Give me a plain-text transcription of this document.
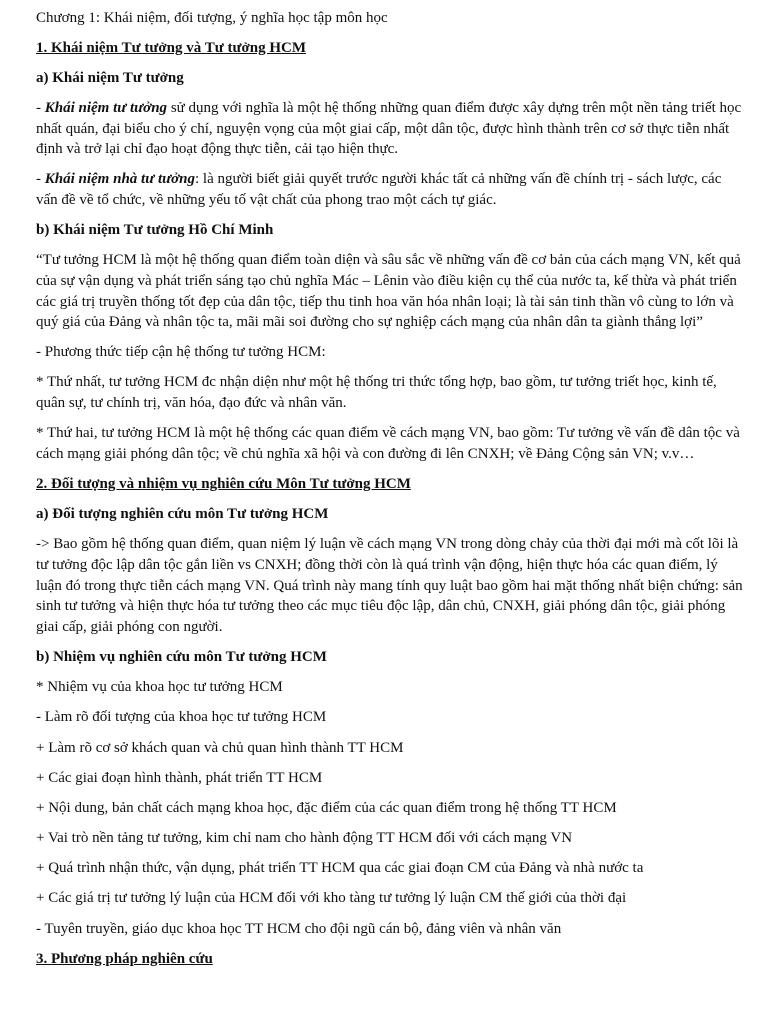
Chương 1: Khái niệm, đối tượng, ý nghĩa học tập môn học

1. Khái niệm Tư tưởng và Tư tưởng HCM

a) Khái niệm Tư tưởng

- Khái niệm tư tưởng sử dụng với nghĩa là một hệ thống những quan điểm được xây dựng trên một nền tảng triết học nhất quán, đại biểu cho ý chí, nguyện vọng của một giai cấp, một dân tộc, được hình thành trên cơ sở thực tiễn nhất định và trở lại chỉ đạo hoạt động thực tiễn, cải tạo hiện thực.

- Khái niệm nhà tư tưởng: là người biết giải quyết trước người khác tất cả những vấn đề chính trị - sách lược, các vấn đề về tổ chức, về những yếu tố vật chất của phong trao một cách tự giác.

b) Khái niệm Tư tưởng Hồ Chí Minh

“Tư tưởng HCM là một hệ thống quan điểm toàn diện và sâu sắc về những vấn đề cơ bản của cách mạng VN, kết quả của sự vận dụng và phát triển sáng tạo chủ nghĩa Mác – Lênin vào điều kiện cụ thể của nước ta, kế thừa và phát triển các giá trị truyền thống tốt đẹp của dân tộc, tiếp thu tinh hoa văn hóa nhân loại; là tài sản tinh thần vô cùng to lớn và quý giá của Đảng và nhân tộc ta, mãi mãi soi đường cho sự nghiệp cách mạng của nhân dân ta giành thắng lợi”

- Phương thức tiếp cận hệ thống tư tưởng HCM:

* Thứ nhất, tư tưởng HCM đc nhận diện như một hệ thống tri thức tổng hợp, bao gồm, tư tưởng triết học, kinh tế, quân sự, tư chính trị, văn hóa, đạo đức và nhân văn.

* Thứ hai, tư tưởng HCM là một hệ thống các quan điểm về cách mạng VN, bao gồm: Tư tưởng về vấn đề dân tộc và cách mạng giải phóng dân tộc; về chủ nghĩa xã hội và con đường đi lên CNXH; về Đảng Cộng sản VN; v.v…

2. Đối tượng và nhiệm vụ nghiên cứu Môn Tư tưởng HCM

a) Đối tượng nghiên cứu môn Tư tưởng HCM

-> Bao gồm hệ thống quan điểm, quan niệm lý luận về cách mạng VN trong dòng chảy của thời đại mới mà cốt lõi là tư tưởng độc lập dân tộc gắn liền vs CNXH; đồng thời còn là quá trình vận động, hiện thực hóa các quan điểm, lý luận đó trong thực tiễn cách mạng VN. Quá trình này mang tính quy luật bao gồm hai mặt thống nhất biện chứng: sản sinh tư tưởng và hiện thực hóa tư tưởng theo các mục tiêu độc lập, dân chủ, CNXH, giải phóng dân tộc, giải phóng giai cấp, giải phóng con người.

b) Nhiệm vụ nghiên cứu môn Tư tưởng HCM

* Nhiệm vụ của khoa học tư tưởng HCM

- Làm rõ đối tượng của khoa học tư tưởng HCM

+ Làm rõ cơ sở khách quan và chủ quan hình thành TT HCM

+ Các giai đoạn hình thành, phát triển TT HCM

+ Nội dung, bản chất cách mạng khoa học, đặc điểm của các quan điểm trong hệ thống TT HCM

+ Vai trò nền tảng tư tưởng, kim chỉ nam cho hành động TT HCM đối với cách mạng VN

+ Quá trình nhận thức, vận dụng, phát triển TT HCM qua các giai đoạn CM của Đảng và nhà nước ta

+ Các giá trị tư tưởng lý luận của HCM đối với kho tàng tư tưởng lý luận CM thế giới của thời đại

- Tuyên truyền, giáo dục khoa học TT HCM cho đội ngũ cán bộ, đảng viên và nhân văn

3. Phương pháp nghiên cứu
